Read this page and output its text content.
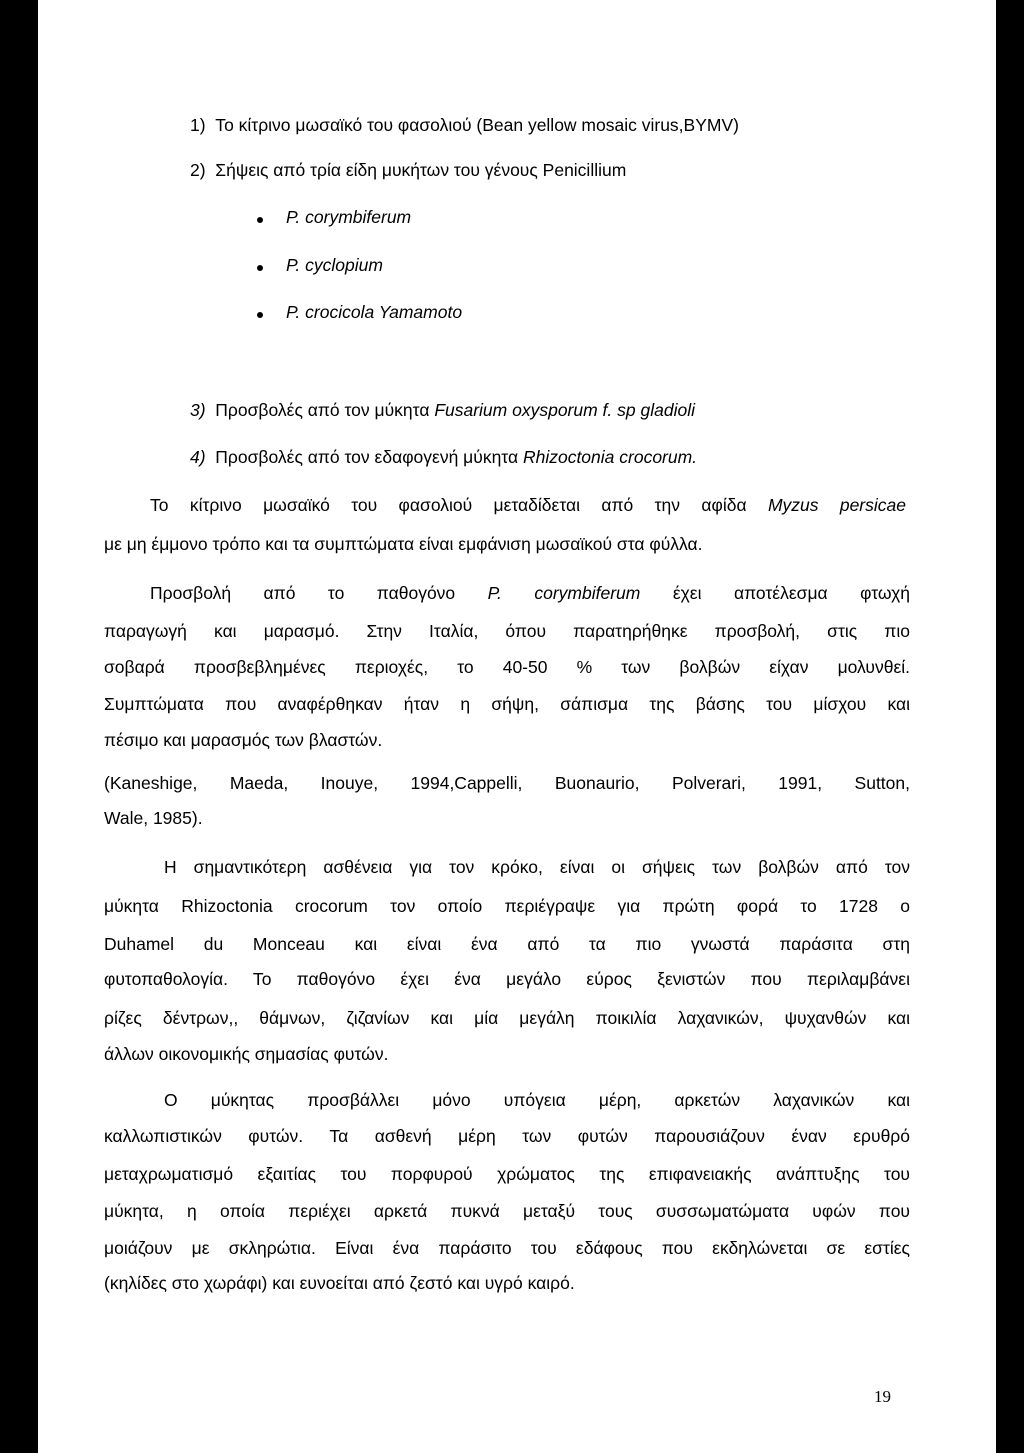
1) Το κίτρινο μωσαϊκό του φασολιού (Bean yellow mosaic virus,BYMV)
2) Σήψεις από τρία είδη μυκήτων του γένους Penicillium
P. corymbiferum
P. cyclopium
P. crocicola Yamamoto
3) Προσβολές από τον μύκητα Fusarium oxysporum f. sp gladioli
4) Προσβολές από τον εδαφογενή μύκητα Rhizoctonia crocorum.
Το κίτρινο μωσαϊκό του φασολιού μεταδίδεται από την αφίδα Myzus persicae
με μη έμμονο τρόπο και τα συμπτώματα είναι εμφάνιση μωσαϊκού στα φύλλα.
Προσβολή από το παθογόνο P. corymbiferum έχει αποτέλεσμα φτωχή
παραγωγή και μαρασμό. Στην Ιταλία, όπου παρατηρήθηκε προσβολή, στις πιο
σοβαρά προσβεβλημένες περιοχές, το 40-50 % των βολβών είχαν μολυνθεί.
Συμπτώματα που αναφέρθηκαν ήταν η σήψη, σάπισμα της βάσης του μίσχου και
πέσιμο και μαρασμός των βλαστών.
(Kaneshige, Maeda, Inouye, 1994,Cappelli, Buonaurio, Polverari, 1991, Sutton,
Wale, 1985).
Η σημαντικότερη ασθένεια για τον κρόκο, είναι οι σήψεις των βολβών από τον
μύκητα Rhizoctonia crocorum τον οποίο περιέγραψε για πρώτη φορά το 1728 ο
Duhamel du Monceau και είναι ένα από τα πιο γνωστά παράσιτα στη
φυτοπαθολογία. Το παθογόνο έχει ένα μεγάλο εύρος ξενιστών που περιλαμβάνει
ρίζες δέντρων,, θάμνων, ζιζανίων και μία μεγάλη ποικιλία λαχανικών, ψυχανθών και
άλλων οικονομικής σημασίας φυτών.
Ο μύκητας προσβάλλει μόνο υπόγεια μέρη, αρκετών λαχανικών και
καλλωπιστικών φυτών. Τα ασθενή μέρη των φυτών παρουσιάζουν έναν ερυθρό
μεταχρωματισμό εξαιτίας του πορφυρού χρώματος της επιφανειακής ανάπτυξης του
μύκητα, η οποία περιέχει αρκετά πυκνά μεταξύ τους συσσωματώματα υφών που
μοιάζουν με σκληρώτια. Είναι ένα παράσιτο του εδάφους που εκδηλώνεται σε εστίες
(κηλίδες στο χωράφι) και ευνοείται από ζεστό και υγρό καιρό.
19
